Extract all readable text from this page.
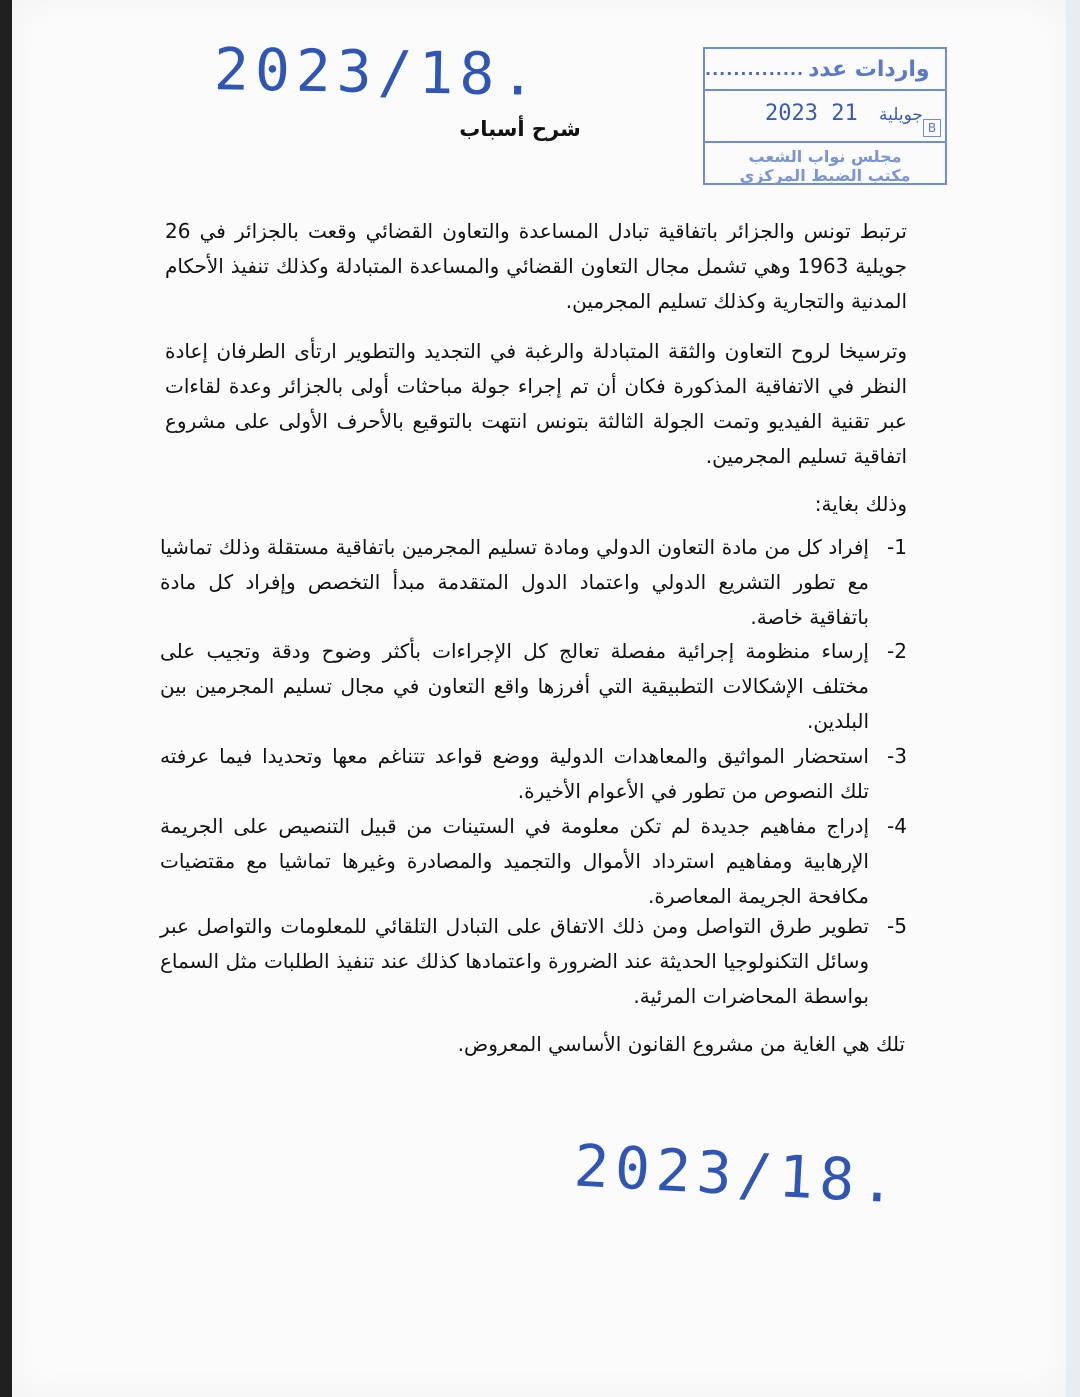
2023/18.	واردات عدد
..............
2023	جويلية 21
B
مجلس نواب الشعب
مكتب الضبط المركزي
شرح أسباب

ترتبط تونس والجزائر باتفاقية تبادل المساعدة والتعاون القضائي وقعت بالجزائر في 26 جويلية 1963 وهي تشمل مجال التعاون القضائي والمساعدة المتبادلة وكذلك تنفيذ الأحكام المدنية والتجارية وكذلك تسليم المجرمين.

وترسيخا لروح التعاون والثقة المتبادلة والرغبة في التجديد والتطوير ارتأى الطرفان إعادة النظر في الاتفاقية المذكورة فكان أن تم إجراء جولة مباحثات أولى بالجزائر وعدة لقاءات عبر تقنية الفيديو وتمت الجولة الثالثة بتونس انتهت بالتوقيع بالأحرف الأولى على مشروع اتفاقية تسليم المجرمين.

وذلك بغاية:

-1
إفراد كل من مادة التعاون الدولي ومادة تسليم المجرمين باتفاقية مستقلة وذلك تماشيا مع تطور التشريع الدولي واعتماد الدول المتقدمة مبدأ التخصص وإفراد كل مادة باتفاقية خاصة.
-2
إرساء منظومة إجرائية مفصلة تعالج كل الإجراءات بأكثر وضوح ودقة وتجيب على مختلف الإشكالات التطبيقية التي أفرزها واقع التعاون في مجال تسليم المجرمين بين البلدين.
-3
استحضار المواثيق والمعاهدات الدولية ووضع قواعد تتناغم معها وتحديدا فيما عرفته تلك النصوص من تطور في الأعوام الأخيرة.
-4
إدراج مفاهيم جديدة لم تكن معلومة في الستينات من قبيل التنصيص على الجريمة الإرهابية ومفاهيم استرداد الأموال والتجميد والمصادرة وغيرها تماشيا مع مقتضيات مكافحة الجريمة المعاصرة.
-5
تطوير طرق التواصل ومن ذلك الاتفاق على التبادل التلقائي للمعلومات والتواصل عبر وسائل التكنولوجيا الحديثة عند الضرورة واعتمادها كذلك عند تنفيذ الطلبات مثل السماع بواسطة المحاضرات المرئية.
تلك هي الغاية من مشروع القانون الأساسي المعروض.
2023/18.
